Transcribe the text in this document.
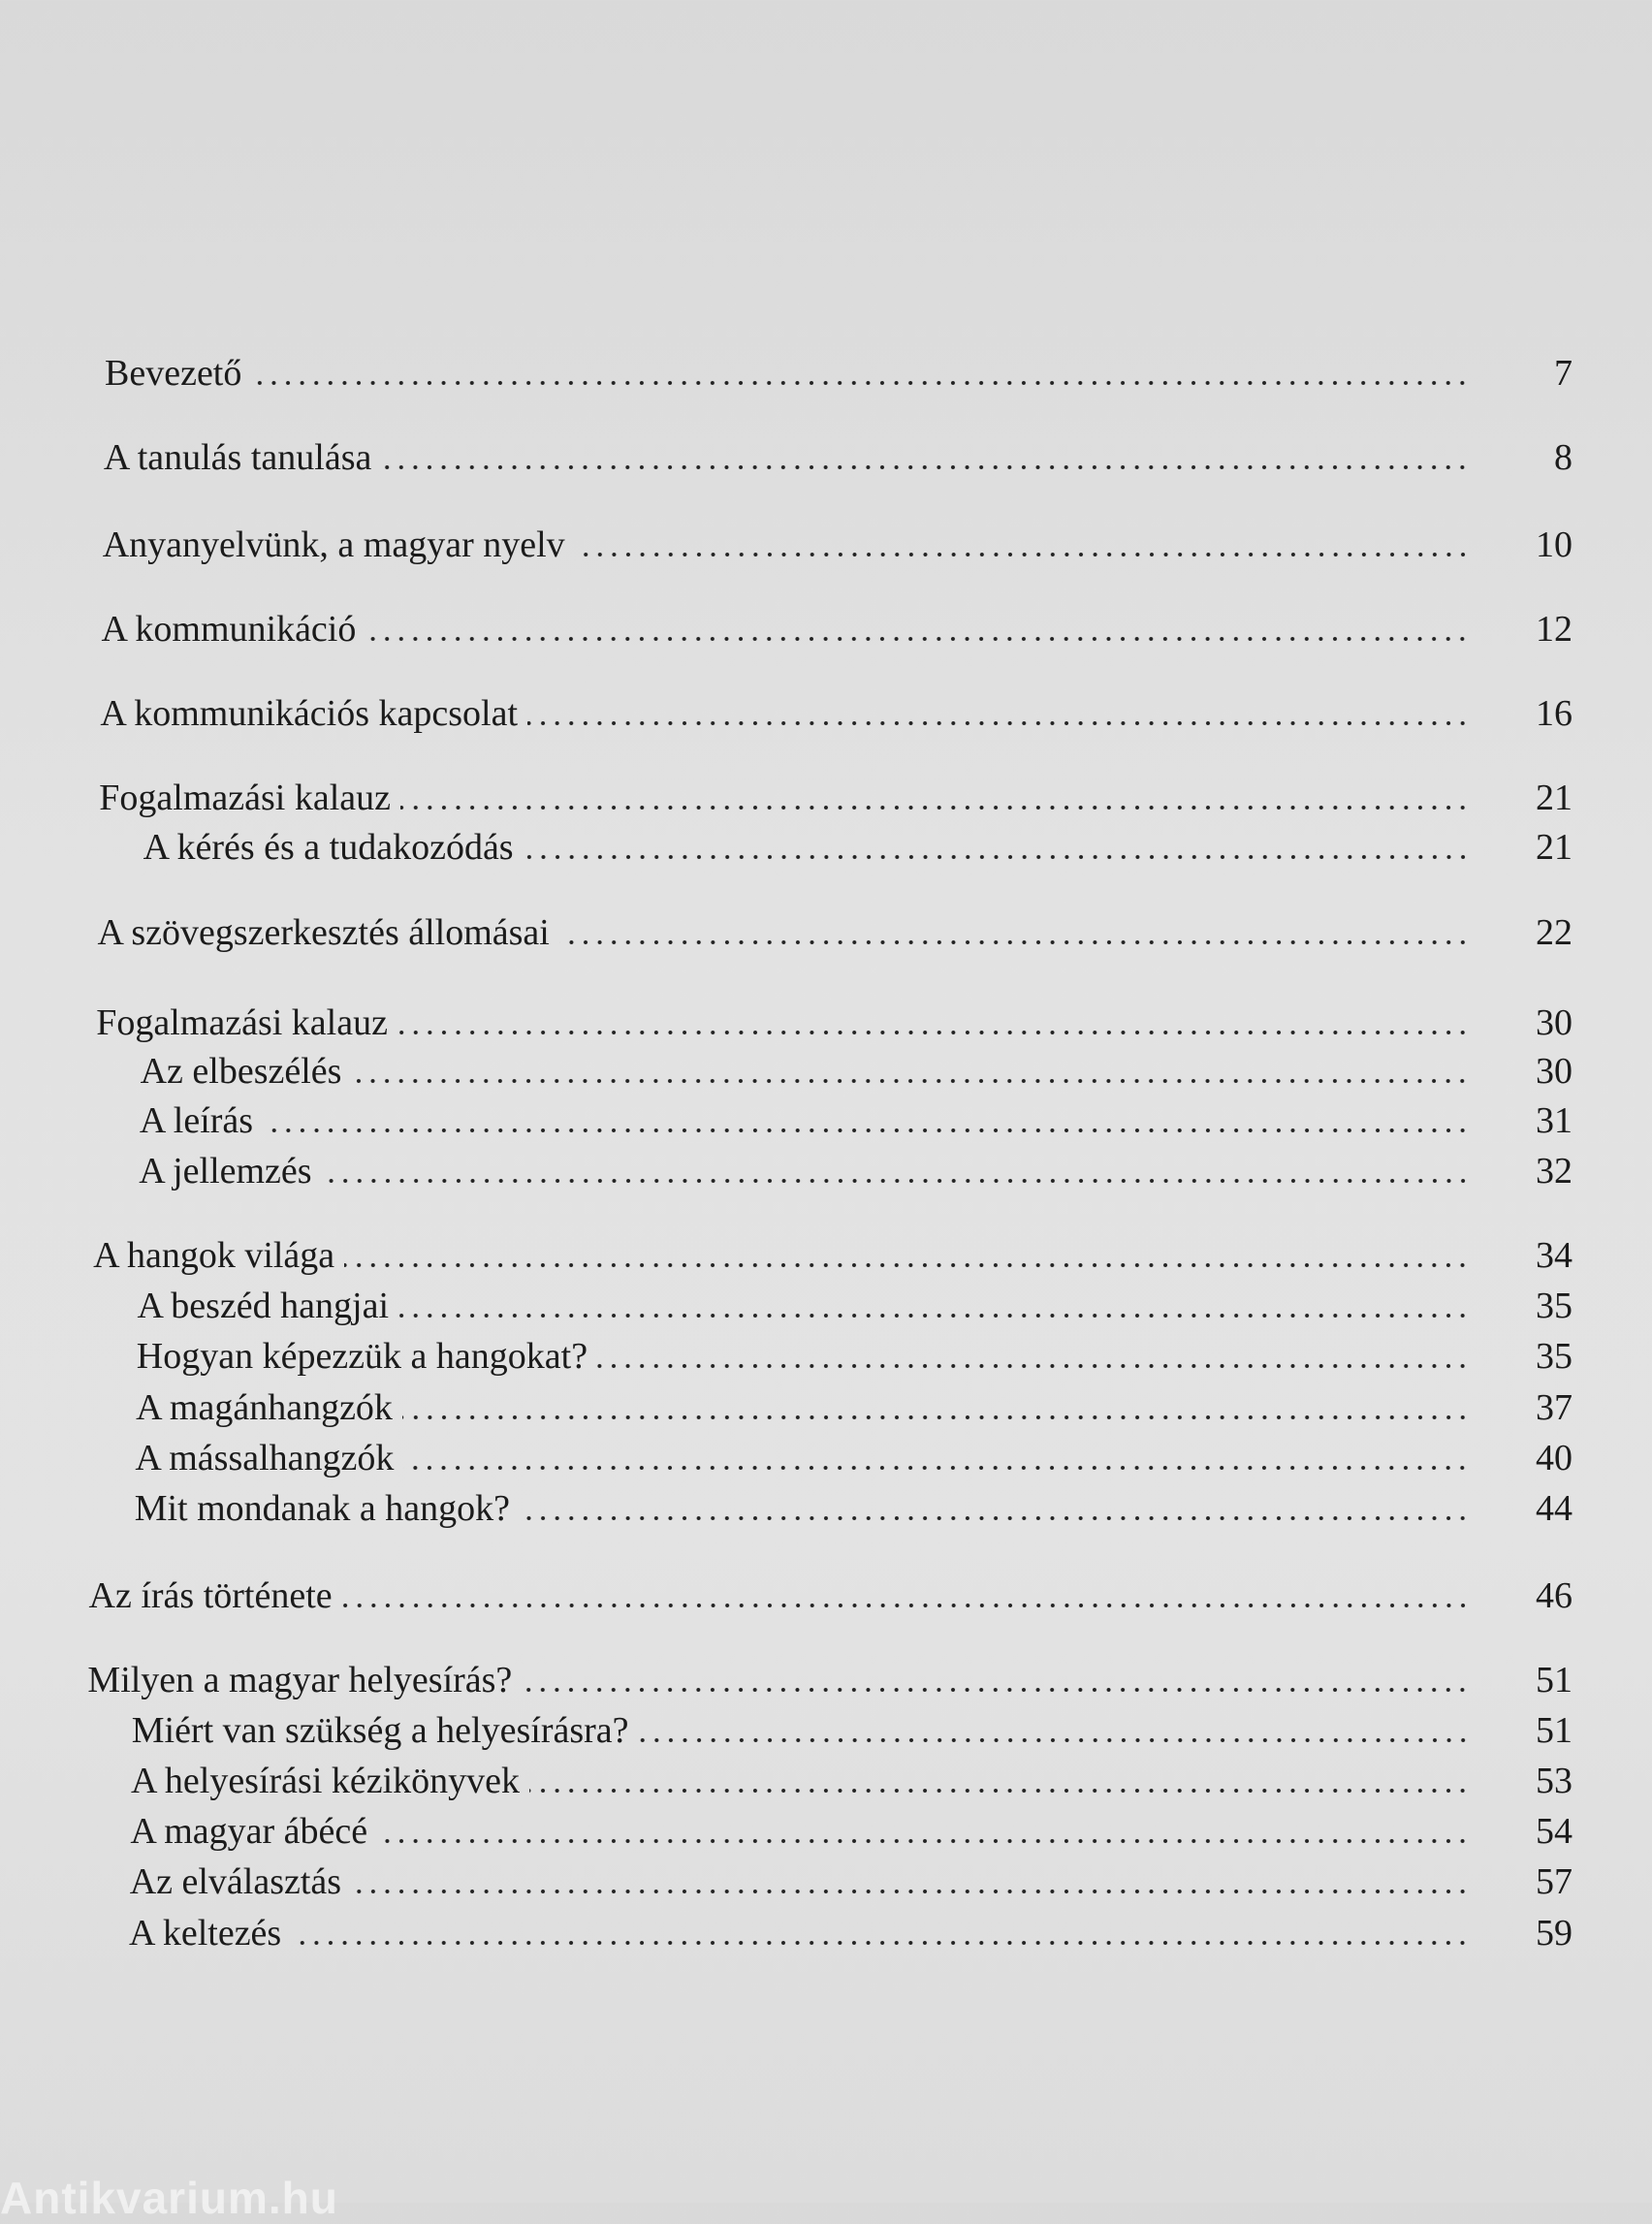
Bevezető	7
A tanulás tanulása	8
Anyanyelvünk, a magyar nyelv	10
A kommunikáció	12
A kommunikációs kapcsolat	16
Fogalmazási kalauz	21
A kérés és a tudakozódás	21
A szövegszerkesztés állomásai	22
Fogalmazási kalauz	30
Az elbeszélés	30
A leírás	31
A jellemzés	32
A hangok világa	34
A beszéd hangjai	35
Hogyan képezzük a hangokat?	35
A magánhangzók	37
A mássalhangzók	40
Mit mondanak a hangok?	44
Az írás története	46
Milyen a magyar helyesírás?	51
Miért van szükség a helyesírásra?	51
A helyesírási kézikönyvek	53
A magyar ábécé	54
Az elválasztás	57
A keltezés	59
Antikvarium.hu
